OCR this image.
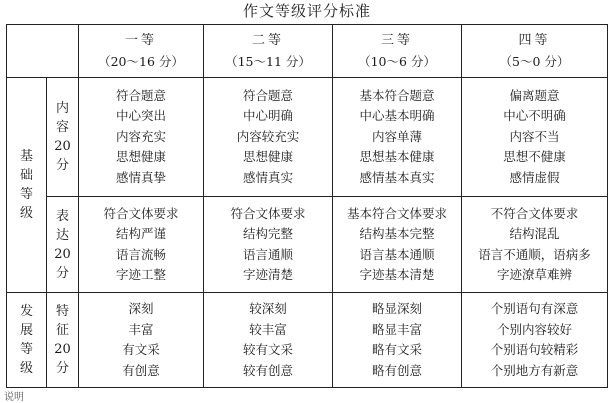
作文等级评分标准
一等
（20～16 分）
二等
（15～11 分）
三等
（10～6 分）
四等
（5～0 分）
基
础
等
级
发
展
等
级
内
容
20
分
表
达
20
分
特
征
20
分
符合题意
中心突出
内容充实
思想健康
感情真挚
符合题意
中心明确
内容较充实
思想健康
感情真实
基本符合题意
中心基本明确
内容单薄
思想基本健康
感情基本真实
偏离题意
中心不明确
内容不当
思想不健康
感情虚假
符合文体要求
结构严谨
语言流畅
字迹工整
符合文体要求
结构完整
语言通顺
字迹清楚
基本符合文体要求
结构基本完整
语言基本通顺
字迹基本清楚
不符合文体要求
结构混乱
语言不通顺，语病多
字迹潦草难辨
深刻
丰富
有文采
有创意
较深刻
较丰富
较有文采
较有创意
略显深刻
略显丰富
略有文采
略有创意
个别语句有深意
个别内容较好
个别语句较精彩
个别地方有新意
说明
